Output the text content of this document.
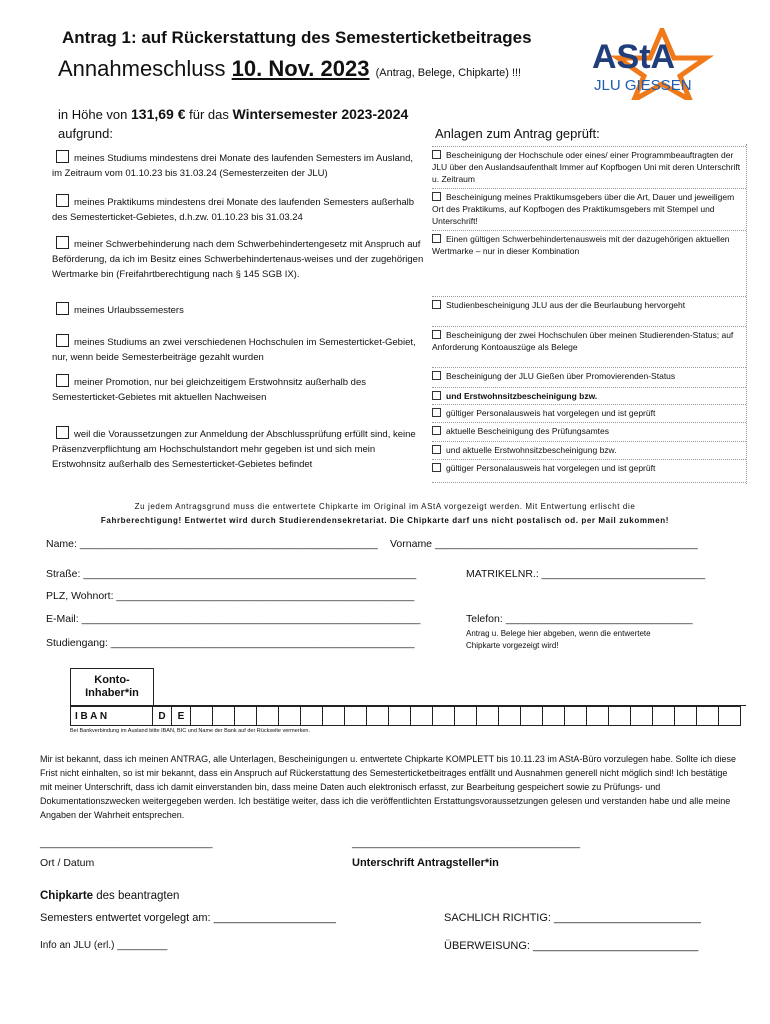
Antrag 1: auf Rückerstattung des Semesterticketbeitrages
Annahmeschluss 10. Nov. 2023 (Antrag, Belege, Chipkarte) !!! AStA
JLU GIESSEN
in Höhe von 131,69 € für das Wintersemester 2023-2024
aufgrund:	Anlagen zum Antrag geprüft:
meines Studiums mindestens drei Monate des laufenden Semesters im Ausland, im Zeitraum vom 01.10.23 bis 31.03.24 (Semesterzeiten der JLU)
meines Praktikums mindestens drei Monate des laufenden Semesters außerhalb des Semesterticket-Gebietes, d.h.zw. 01.10.23 bis 31.03.24
meiner Schwerbehinderung nach dem Schwerbehindertengesetz mit Anspruch auf Beförderung, da ich im Besitz eines Schwerbehindertenaus-weises und der zugehörigen Wertmarke bin (Freifahrtberechtigung nach § 145 SGB IX).
meines Urlaubssemesters
meines Studiums an zwei verschiedenen Hochschulen im Semesterticket-Gebiet, nur, wenn beide Semesterbeiträge gezahlt wurden
meiner Promotion, nur bei gleichzeitigem Erstwohnsitz außerhalb des Semesterticket-Gebietes mit aktuellen Nachweisen
weil die Voraussetzungen zur Anmeldung der Abschlussprüfung erfüllt sind, keine Präsenzverpflichtung am Hochschulstandort mehr gegeben ist und sich mein Erstwohnsitz außerhalb des Semesterticket-Gebietes befindet
Bescheinigung der Hochschule oder eines/ einer Programmbeauftragten der JLU über den Auslandsaufenthalt Immer auf Kopfbogen Uni mit deren Unterschrift u. Zeitraum
Bescheinigung meines Praktikumsgebers über die Art, Dauer und jeweiligem Ort des Praktikums, auf Kopfbogen des Praktikumsgebers mit Stempel und Unterschrift!
Einen gültigen Schwerbehindertenausweis mit der dazugehörigen aktuellen Wertmarke – nur in dieser Kombination
Studienbescheinigung JLU aus der die Beurlaubung hervorgeht
Bescheinigung der zwei Hochschulen über meinen Studierenden-Status; auf Anforderung Kontoauszüge als Belege
Bescheinigung der JLU Gießen über Promovierenden-Status
und Erstwohnsitzbescheinigung bzw.
gültiger Personalausweis hat vorgelegen und ist geprüft
aktuelle Bescheinigung des Prüfungsamtes
und aktuelle Erstwohnsitzbescheinigung bzw.
gültiger Personalausweis hat vorgelegen und ist geprüft
Zu jedem Antragsgrund muss die entwertete Chipkarte im Original im AStA vorgezeigt werden. Mit Entwertung erlischt die
Fahrberechtigung! Entwertet wird durch Studierendensekretariat. Die Chipkarte darf uns nicht postalisch od. per Mail zukommen!
Name: ___________________________________________________ Vorname _____________________________________________
Straße: _________________________________________________________	MATRIKELNR.: ____________________________
PLZ, Wohnort: ___________________________________________________
E-Mail: __________________________________________________________	Telefon: ________________________________
Studiengang: ____________________________________________________
Antrag u. Belege hier abgeben, wenn die entwertete
Chipkarte vorgezeigt wird!
Konto-
Inhaber*in

I B A N	D	E																									
Bei Bankverbindung im Ausland bitte IBAN, BIC und Name der Bank auf der Rückseite vermerken.
Mir ist bekannt, dass ich meinen ANTRAG, alle Unterlagen, Bescheinigungen u. entwertete Chipkarte KOMPLETT bis 10.11.23 im AStA-Büro vorzulegen habe. Sollte ich diese Frist nicht einhalten, so ist mir bekannt, dass ein Anspruch auf Rückerstattung des Semesterticketbeitrages entfällt und Ausnahmen generell nicht möglich sind! Ich bestätige mit meiner Unterschrift, dass ich damit einverstanden bin, dass meine Daten auch elektronisch erfasst, zur Bearbeitung gespeichert sowie zu Prüfungs- und Dokumentationszwecken weitergegeben werden. Ich bestätige weiter, dass ich die veröffentlichten Erstattungsvoraussetzungen gelesen und verstanden habe und alle meine Angaben der Wahrheit entsprechen.
_______________________________	_________________________________________
Ort / Datum	Unterschrift Antragsteller*in
Chipkarte des beantragten
Semesters entwertet vorgelegt am: ____________________	SACHLICH RICHTIG: ________________________
Info an JLU (erl.) _________	ÜBERWEISUNG: ___________________________
